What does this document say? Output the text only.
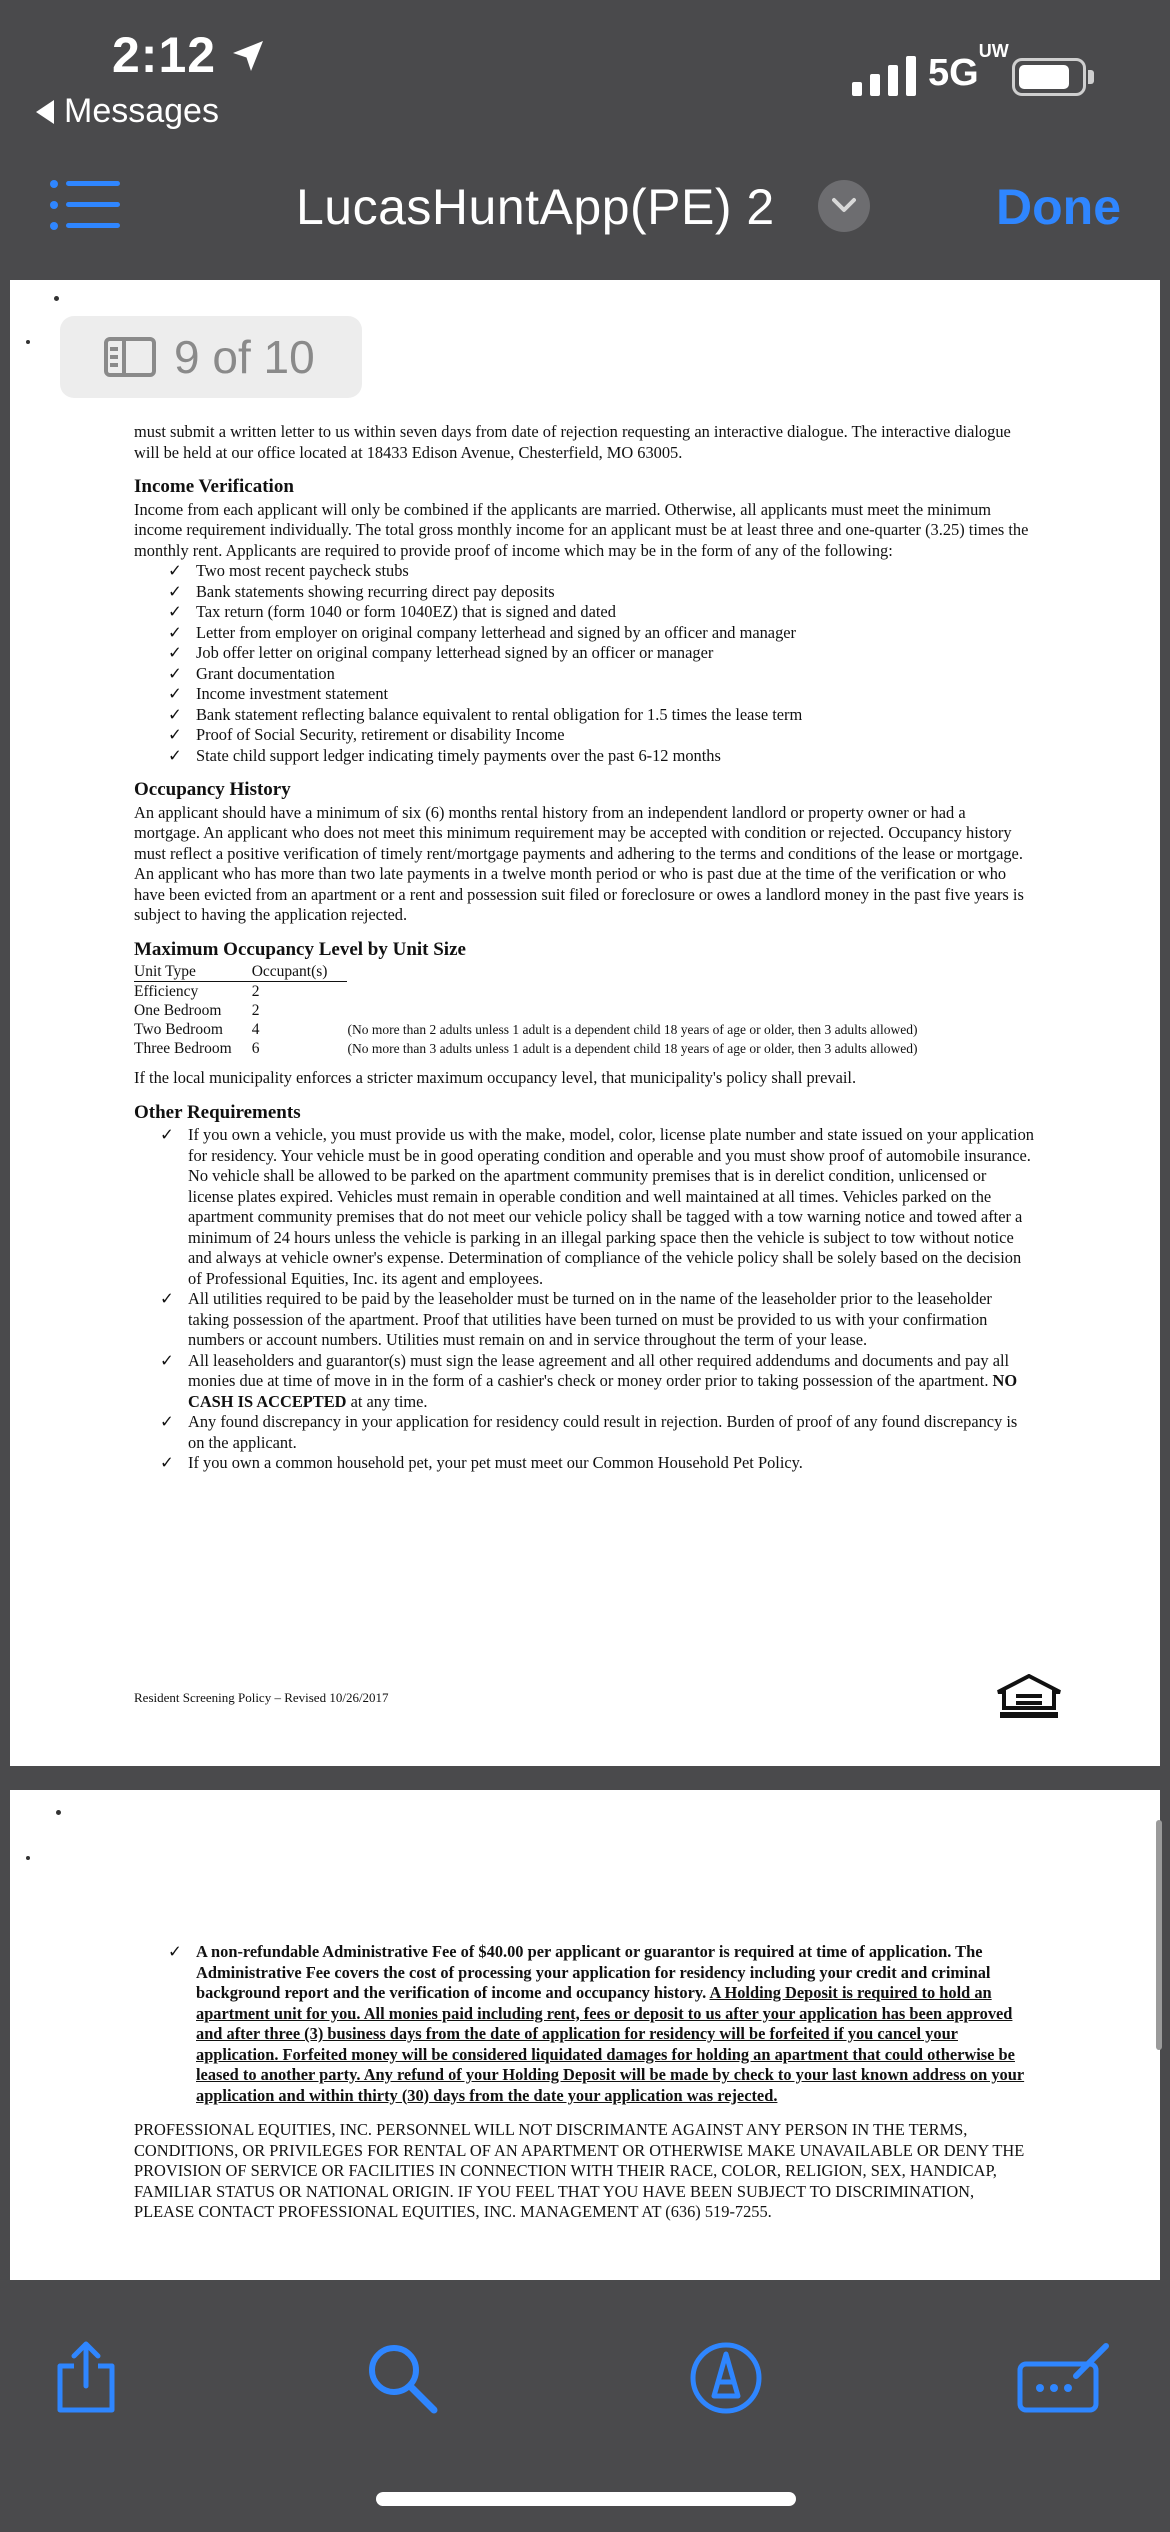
2:12
Messages
$5G^{UW}$
LucasHuntApp(PE) 2	Done
9 of 10

must submit a written letter to us within seven days from date of rejection requesting an interactive dialogue. The interactive dialogue will be held at our office located at 18433 Edison Avenue, Chesterfield, MO 63005.

Income Verification

Income from each applicant will only be combined if the applicants are married. Otherwise, all applicants must meet the minimum income requirement individually. The total gross monthly income for an applicant must be at least three and one-quarter (3.25) times the monthly rent. Applicants are required to provide proof of income which may be in the form of any of the following:

✓ Two most recent paycheck stubs
✓ Bank statements showing recurring direct pay deposits
✓ Tax return (form 1040 or form 1040EZ) that is signed and dated
✓ Letter from employer on original company letterhead and signed by an officer and manager
✓ Job offer letter on original company letterhead signed by an officer or manager
✓ Grant documentation
✓ Income investment statement
✓ Bank statement reflecting balance equivalent to rental obligation for 1.5 times the lease term
✓ Proof of Social Security, retirement or disability Income
✓ State child support ledger indicating timely payments over the past 6-12 months
Occupancy History

An applicant should have a minimum of six (6) months rental history from an independent landlord or property owner or had a mortgage. An applicant who does not meet this minimum requirement may be accepted with condition or rejected. Occupancy history must reflect a positive verification of timely rent/mortgage payments and adhering to the terms and conditions of the lease or mortgage. An applicant who has more than two late payments in a twelve month period or who is past due at the time of the verification or who have been evicted from an apartment or a rent and possession suit filed or foreclosure or owes a landlord money in the past five years is subject to having the application rejected.

Maximum Occupancy Level by Unit Size
Unit Type	Occupant(s)	
Efficiency	2	
One Bedroom	2	
Two Bedroom	4	(No more than 2 adults unless 1 adult is a dependent child 18 years of age or older, then 3 adults allowed)
Three Bedroom	6	(No more than 3 adults unless 1 adult is a dependent child 18 years of age or older, then 3 adults allowed)

If the local municipality enforces a stricter maximum occupancy level, that municipality's policy shall prevail.

Other Requirements
✓ If you own a vehicle, you must provide us with the make, model, color, license plate number and state issued on your application for residency. Your vehicle must be in good operating condition and operable and you must show proof of automobile insurance. No vehicle shall be allowed to be parked on the apartment community premises that is in derelict condition, unlicensed or license plates expired. Vehicles must remain in operable condition and well maintained at all times. Vehicles parked on the apartment community premises that do not meet our vehicle policy shall be tagged with a tow warning notice and towed after a minimum of 24 hours unless the vehicle is parking in an illegal parking space then the vehicle is subject to tow without notice and always at vehicle owner's expense. Determination of compliance of the vehicle policy shall be solely based on the decision of Professional Equities, Inc. its agent and employees.
✓ All utilities required to be paid by the leaseholder must be turned on in the name of the leaseholder prior to the leaseholder taking possession of the apartment. Proof that utilities have been turned on must be provided to us with your confirmation numbers or account numbers. Utilities must remain on and in service throughout the term of your lease.
✓ All leaseholders and guarantor(s) must sign the lease agreement and all other required addendums and documents and pay all monies due at time of move in in the form of a cashier's check or money order prior to taking possession of the apartment. NO CASH IS ACCEPTED at any time.
✓ Any found discrepancy in your application for residency could result in rejection. Burden of proof of any found discrepancy is on the applicant.
✓ If you own a common household pet, your pet must meet our Common Household Pet Policy.
Resident Screening Policy – Revised 10/26/2017
✓ A non-refundable Administrative Fee of $40.00 per applicant or guarantor is required at time of application. The Administrative Fee covers the cost of processing your application for residency including your credit and criminal background report and the verification of income and occupancy history. A Holding Deposit is required to hold an apartment unit for you. All monies paid including rent, fees or deposit to us after your application has been approved and after three (3) business days from the date of application for residency will be forfeited if you cancel your application. Forfeited money will be considered liquidated damages for holding an apartment that could otherwise be leased to another party. Any refund of your Holding Deposit will be made by check to your last known address on your application and within thirty (30) days from the date your application was rejected.

PROFESSIONAL EQUITIES, INC. PERSONNEL WILL NOT DISCRIMANTE AGAINST ANY PERSON IN THE TERMS, CONDITIONS, OR PRIVILEGES FOR RENTAL OF AN APARTMENT OR OTHERWISE MAKE UNAVAILABLE OR DENY THE PROVISION OF SERVICE OR FACILITIES IN CONNECTION WITH THEIR RACE, COLOR, RELIGION, SEX, HANDICAP, FAMILIAR STATUS OR NATIONAL ORIGIN. IF YOU FEEL THAT YOU HAVE BEEN SUBJECT TO DISCRIMINATION, PLEASE CONTACT PROFESSIONAL EQUITIES, INC. MANAGEMENT AT (636) 519-7255.
